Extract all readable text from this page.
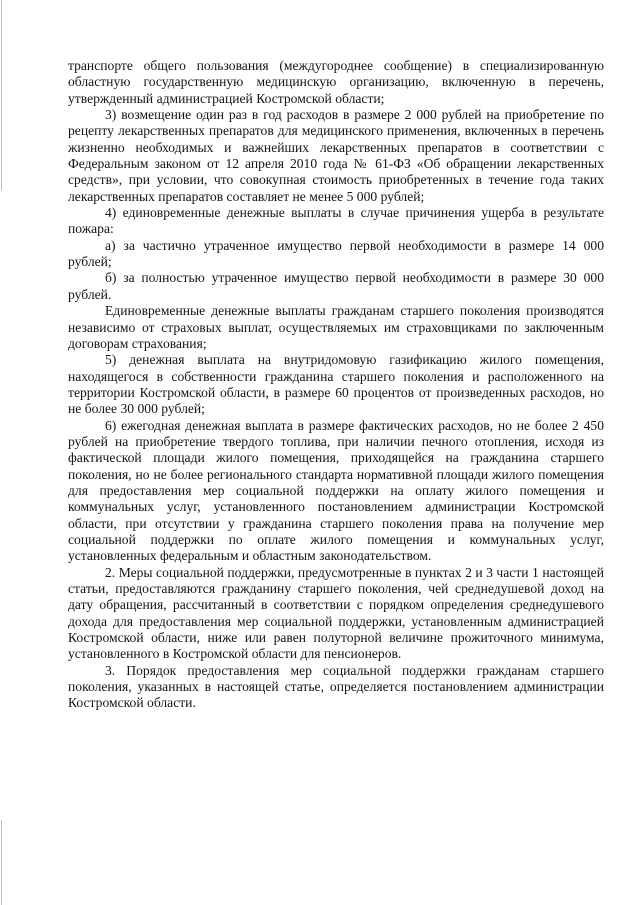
транспорте общего пользования (междугороднее сообщение) в специализированную областную государственную медицинскую организацию, включенную в перечень, утвержденный администрацией Костромской области;

3) возмещение один раз в год расходов в размере 2 000 рублей на приобретение по рецепту лекарственных препаратов для медицинского применения, включенных в перечень жизненно необходимых и важнейших лекарственных препаратов в соответствии с Федеральным законом от 12 апреля 2010 года № 61-ФЗ «Об обращении лекарственных средств», при условии, что совокупная стоимость приобретенных в течение года таких лекарственных препаратов составляет не менее 5 000 рублей;

4) единовременные денежные выплаты в случае причинения ущерба в результате пожара:

а) за частично утраченное имущество первой необходимости в размере 14 000 рублей;

б) за полностью утраченное имущество первой необходимости в размере 30 000 рублей.

Единовременные денежные выплаты гражданам старшего поколения производятся независимо от страховых выплат, осуществляемых им страховщиками по заключенным договорам страхования;

5) денежная выплата на внутридомовую газификацию жилого помещения, находящегося в собственности гражданина старшего поколения и расположенного на территории Костромской области, в размере 60 процентов от произведенных расходов, но не более 30 000 рублей;

6) ежегодная денежная выплата в размере фактических расходов, но не более 2 450 рублей на приобретение твердого топлива, при наличии печного отопления, исходя из фактической площади жилого помещения, приходящейся на гражданина старшего поколения, но не более регионального стандарта нормативной площади жилого помещения для предоставления мер социальной поддержки на оплату жилого помещения и коммунальных услуг, установленного постановлением администрации Костромской области, при отсутствии у гражданина старшего поколения права на получение мер социальной поддержки по оплате жилого помещения и коммунальных услуг, установленных федеральным и областным законодательством.

2. Меры социальной поддержки, предусмотренные в пунктах 2 и 3 части 1 настоящей статьи, предоставляются гражданину старшего поколения, чей среднедушевой доход на дату обращения, рассчитанный в соответствии с порядком определения среднедушевого дохода для предоставления мер социальной поддержки, установленным администрацией Костромской области, ниже или равен полуторной величине прожиточного минимума, установленного в Костромской области для пенсионеров.

3. Порядок предоставления мер социальной поддержки гражданам старшего поколения, указанных в настоящей статье, определяется постановлением администрации Костромской области.
